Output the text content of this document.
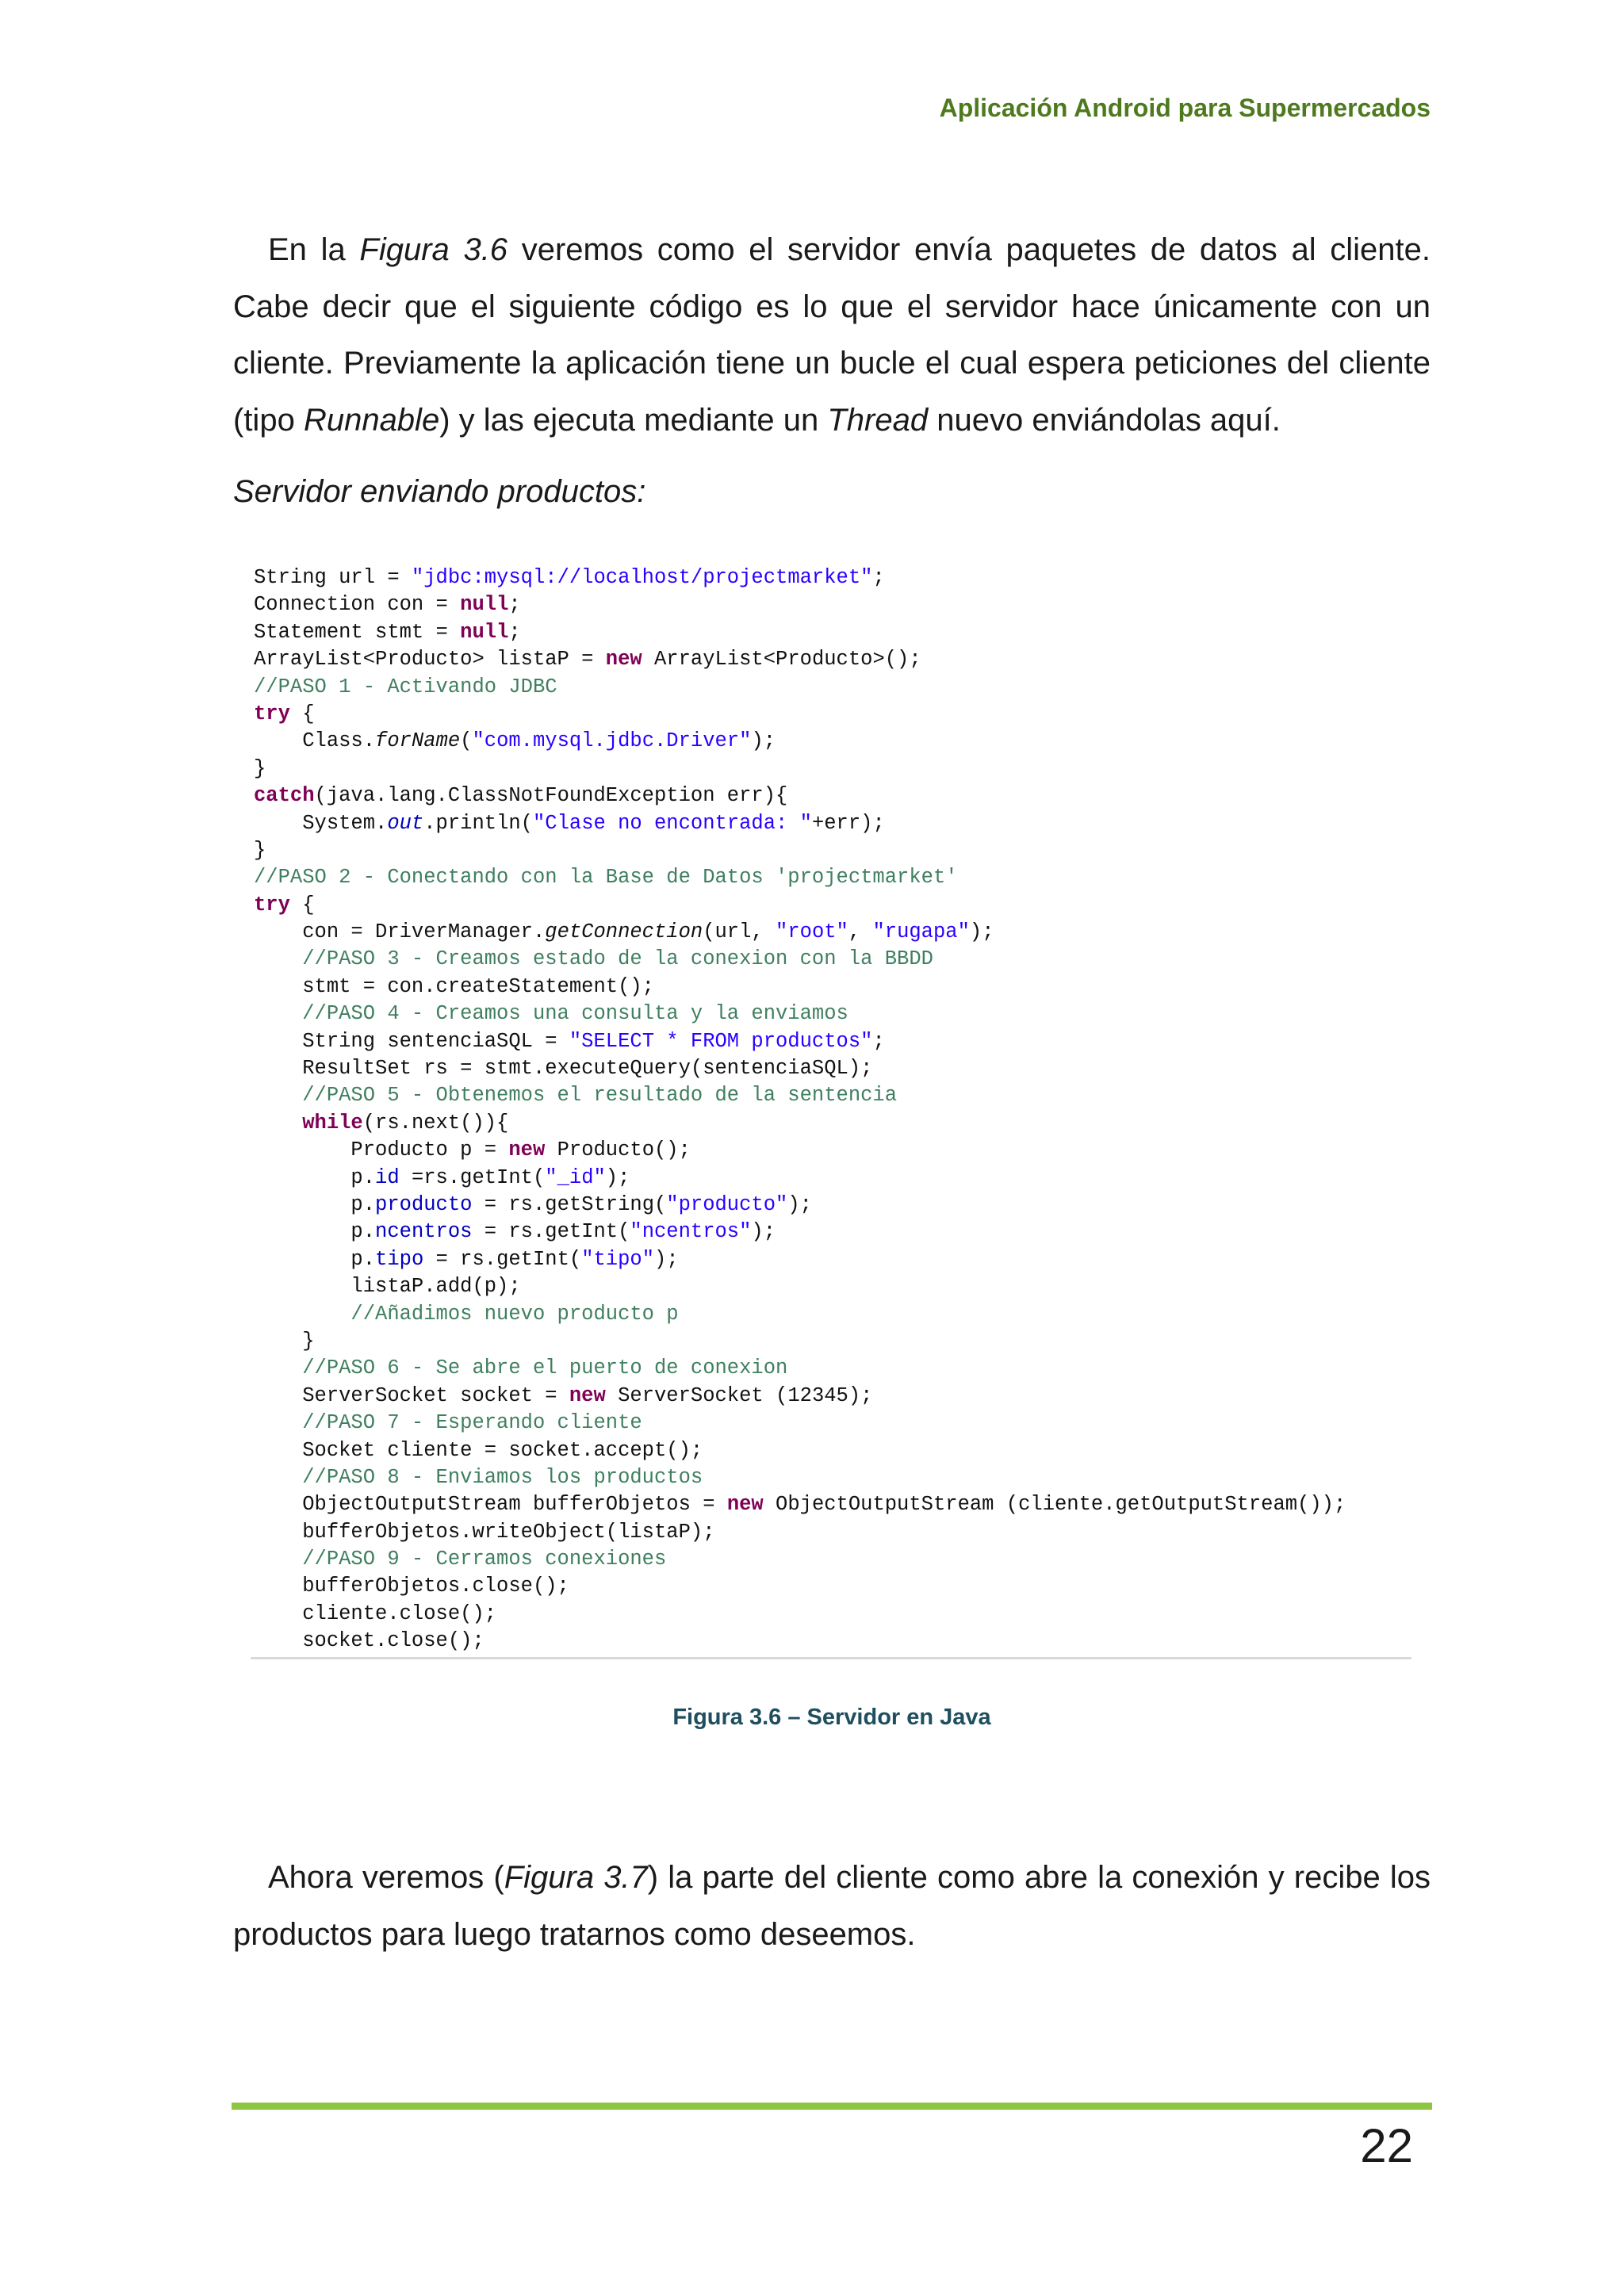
Aplicación Android para Supermercados

En la Figura 3.6 veremos como el servidor envía paquetes de datos al cliente. Cabe decir que el siguiente código es lo que el servidor hace únicamente con un cliente. Previamente la aplicación tiene un bucle el cual espera peticiones del cliente (tipo Runnable) y las ejecuta mediante un Thread nuevo enviándolas aquí.

Servidor enviando productos:

String url = "jdbc:mysql://localhost/projectmarket";
Connection con = null;
Statement stmt = null;
ArrayList<Producto> listaP = new ArrayList<Producto>();
//PASO 1 - Activando JDBC
try {
Class.forName("com.mysql.jdbc.Driver");
}
catch(java.lang.ClassNotFoundException err){
System.out.println("Clase no encontrada: "+err);
}
//PASO 2 - Conectando con la Base de Datos 'projectmarket'
try {
con = DriverManager.getConnection(url, "root", "rugapa");
//PASO 3 - Creamos estado de la conexion con la BBDD
stmt = con.createStatement();
//PASO 4 - Creamos una consulta y la enviamos
String sentenciaSQL = "SELECT * FROM productos";
ResultSet rs = stmt.executeQuery(sentenciaSQL);
//PASO 5 - Obtenemos el resultado de la sentencia
while(rs.next()){
Producto p = new Producto();
p.id =rs.getInt("_id");
p.producto = rs.getString("producto");
p.ncentros = rs.getInt("ncentros");
p.tipo = rs.getInt("tipo");
listaP.add(p);
//Añadimos nuevo producto p
}
//PASO 6 - Se abre el puerto de conexion
ServerSocket socket = new ServerSocket (12345);
//PASO 7 - Esperando cliente
Socket cliente = socket.accept();
//PASO 8 - Enviamos los productos
ObjectOutputStream bufferObjetos = new ObjectOutputStream (cliente.getOutputStream());
bufferObjetos.writeObject(listaP);
//PASO 9 - Cerramos conexiones
bufferObjetos.close();
cliente.close();
socket.close();
Figura 3.6 – Servidor en Java

Ahora veremos (Figura 3.7) la parte del cliente como abre la conexión y recibe los productos para luego tratarnos como deseemos.

22
